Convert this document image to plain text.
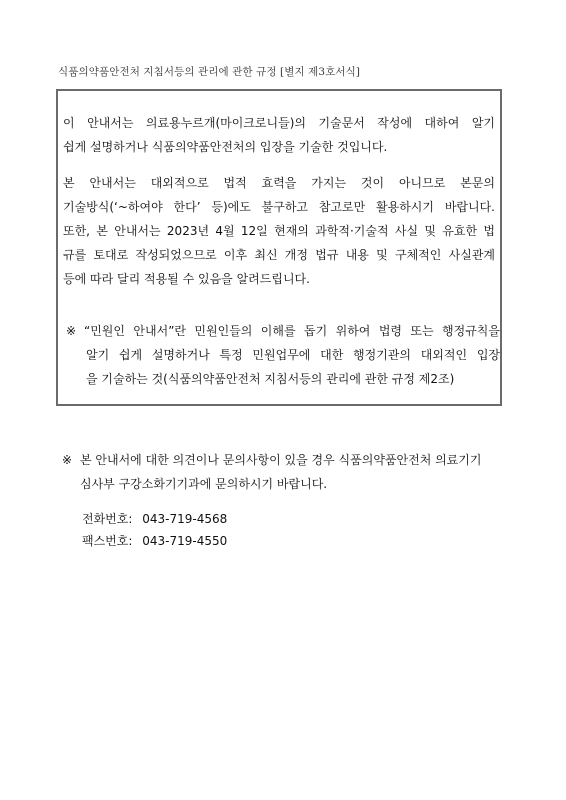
식품의약품안전처 지침서등의 관리에 관한 규정 [별지 제3호서식]
이 안내서는 의료용누르개(마이크로니들)의 기술문서 작성에 대하여 알기
쉽게 설명하거나 식품의약품안전처의 입장을 기술한 것입니다.
본 안내서는 대외적으로 법적 효력을 가지는 것이 아니므로 본문의
기술방식(‘~하여야 한다’ 등)에도 불구하고 참고로만 활용하시기 바랍니다.
또한, 본 안내서는 2023년 4월 12일 현재의 과학적·기술적 사실 및 유효한 법
규를 토대로 작성되었으므로 이후 최신 개정 법규 내용 및 구체적인 사실관계
등에 따라 달리 적용될 수 있음을 알려드립니다.
※ “민원인 안내서”란 민원인들의 이해를 돕기 위하여 법령 또는 행정규칙을
알기 쉽게 설명하거나 특정 민원업무에 대한 행정기관의 대외적인 입장
을 기술하는 것(식품의약품안전처 지침서등의 관리에 관한 규정 제2조)
※ 본 안내서에 대한 의견이나 문의사항이 있을 경우 식품의약품안전처 의료기기
심사부 구강소화기기과에 문의하시기 바랍니다.
전화번호: 043-719-4568
팩스번호: 043-719-4550
